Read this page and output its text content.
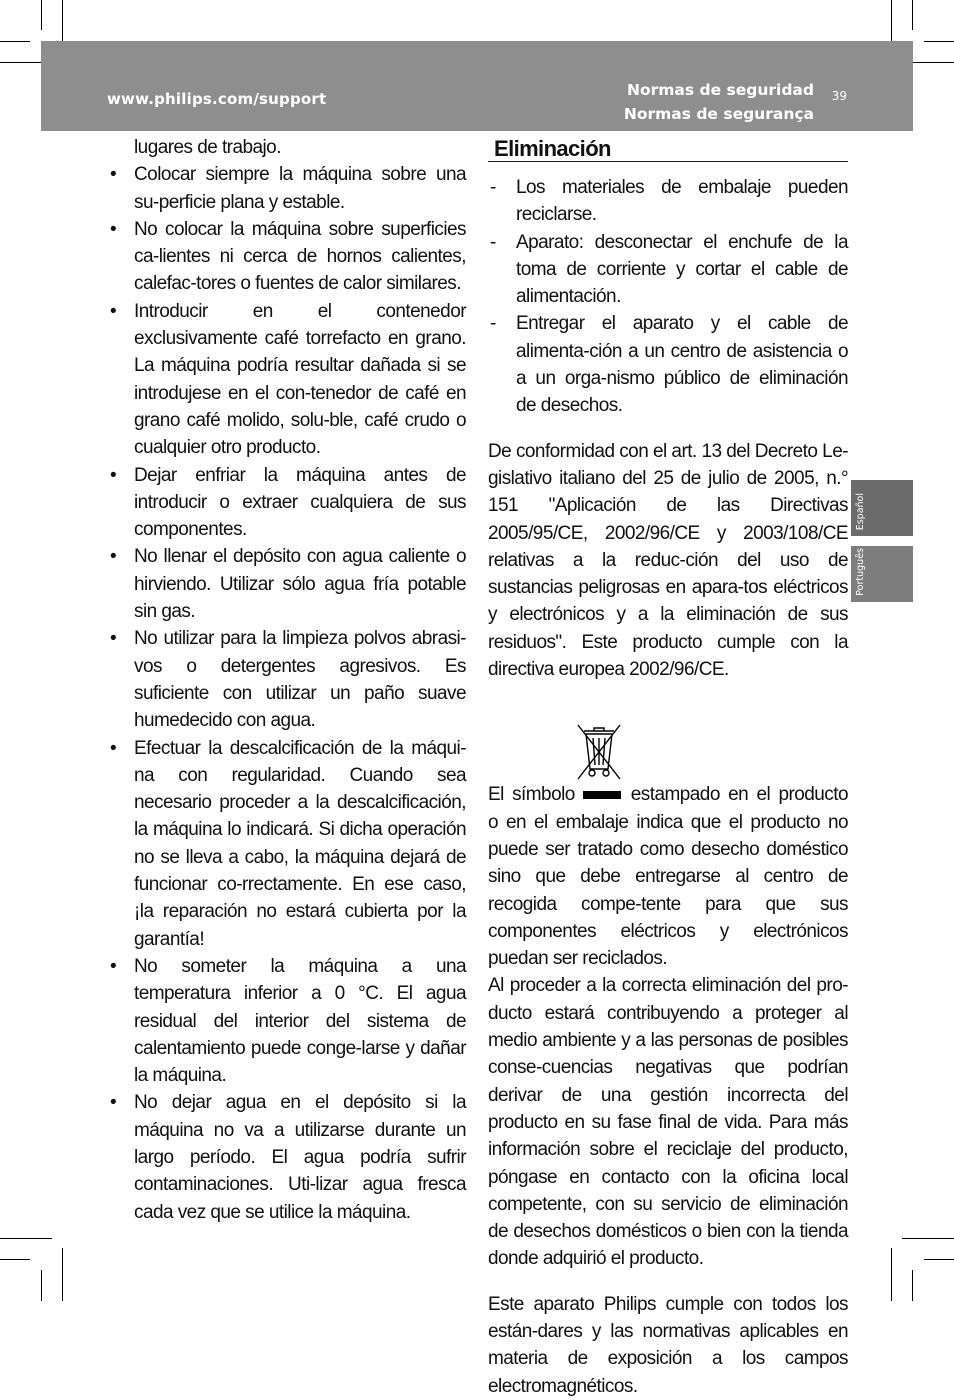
www.philips.com/support	Normas de seguridad
Normas de segurança
39
lugares de trabajo.
• Colocar siempre la máquina sobre una su-perficie plana y estable.
• No colocar la máquina sobre superficies ca-lientes ni cerca de hornos calientes, calefac-tores o fuentes de calor similares.
• Introducir en el contenedor exclusivamente café torrefacto en grano. La máquina podría resultar dañada si se introdujese en el con-tenedor de café en grano café molido, solu-ble, café crudo o cualquier otro producto.
• Dejar enfriar la máquina antes de introducir o extraer cualquiera de sus componentes.
• No llenar el depósito con agua caliente o hirviendo. Utilizar sólo agua fría potable sin gas.
• No utilizar para la limpieza polvos abrasi-vos o detergentes agresivos. Es suficiente con utilizar un paño suave humedecido con agua.
• Efectuar la descalcificación de la máqui-na con regularidad. Cuando sea necesario proceder a la descalcificación, la máquina lo indicará. Si dicha operación no se lleva a cabo, la máquina dejará de funcionar co-rrectamente. En ese caso, ¡la reparación no estará cubierta por la garantía!
• No someter la máquina a una temperatura inferior a 0 °C. El agua residual del interior del sistema de calentamiento puede conge-larse y dañar la máquina.
• No dejar agua en el depósito si la máquina no va a utilizarse durante un largo período. El agua podría sufrir contaminaciones. Uti-lizar agua fresca cada vez que se utilice la máquina.
Eliminación
- Los materiales de embalaje pueden reciclarse.
- Aparato: desconectar el enchufe de la toma de corriente y cortar el cable de alimentación.
- Entregar el aparato y el cable de alimenta-ción a un centro de asistencia o a un orga-nismo público de eliminación de desechos.

De conformidad con el art. 13 del Decreto Le-gislativo italiano del 25 de julio de 2005, n.° 151 "Aplicación de las Directivas 2005/95/CE, 2002/96/CE y 2003/108/CE relativas a la reduc-ción del uso de sustancias peligrosas en apara-tos eléctricos y electrónicos y a la eliminación de sus residuos". Este producto cumple con la directiva europea 2002/96/CE.

El símbolo	estampado en el producto o en el embalaje indica que el producto no puede ser tratado como desecho doméstico sino que debe entregarse al centro de recogida compe-tente para que sus componentes eléctricos y electrónicos puedan ser reciclados.

Al proceder a la correcta eliminación del pro-ducto estará contribuyendo a proteger al medio ambiente y a las personas de posibles conse-cuencias negativas que podrían derivar de una gestión incorrecta del producto en su fase final de vida. Para más información sobre el reciclaje del producto, póngase en contacto con la oficina local competente, con su servicio de eliminación de desechos domésticos o bien con la tienda donde adquirió el producto.

Este aparato Philips cumple con todos los están-dares y las normativas aplicables en materia de exposición a los campos electromagnéticos.

Español
Português
